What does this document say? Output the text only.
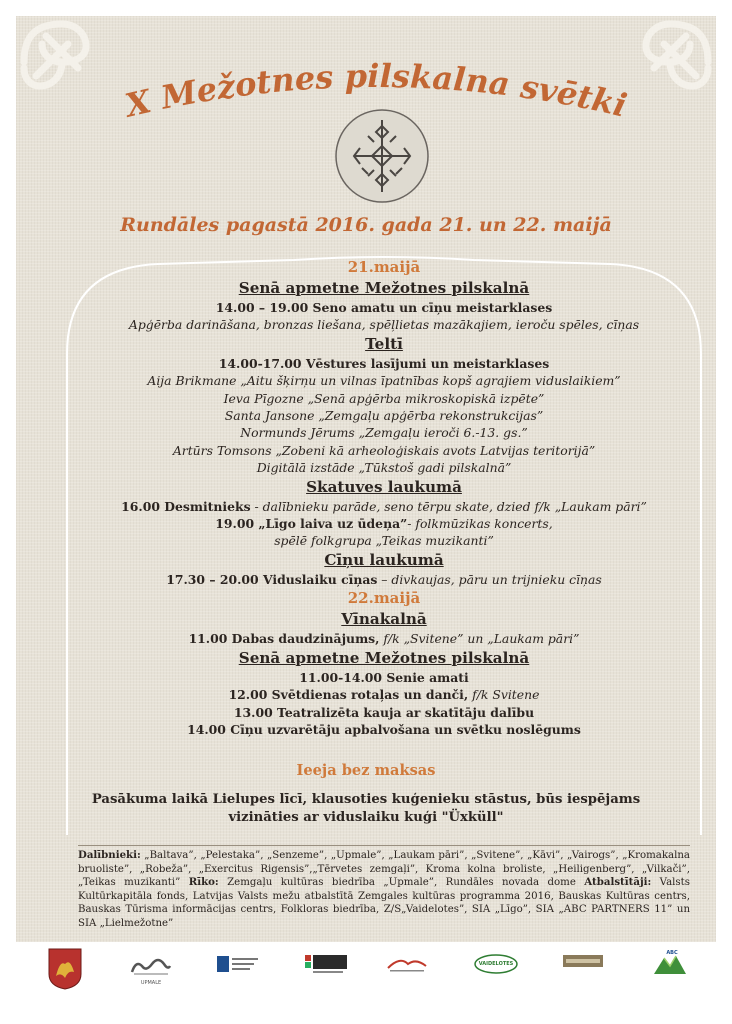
X Mežotnes pilskalna svētki
Rundāles pagastā 2016. gada 21. un 22. maijā
21.maijā
Senā apmetne Mežotnes pilskalnā
14.00 – 19.00 Seno amatu un cīņu meistarklases
Apģērba darināšana, bronzas liešana, spēļlietas mazākajiem, ieroču spēles, cīņas
Teltī
14.00-17.00 Vēstures lasījumi un meistarklases
Aija Brikmane „Aitu šķirņu un vilnas īpatnības kopš agrajiem viduslaikiem”
Ieva Pīgozne „Senā apģērba mikroskopiskā izpēte”
Santa Jansone „Zemgaļu apģērba rekonstrukcijas”
Normunds Jērums „Zemgaļu ieroči 6.-13. gs.”
Artūrs Tomsons „Zobeni kā arheoloģiskais avots Latvijas teritorijā”
Digitālā izstāde „Tūkstoš gadi pilskalnā”
Skatuves laukumā
16.00 Desmitnieks - dalībnieku parāde, seno tērpu skate, dzied f/k „Laukam pāri”
19.00 „Līgo laiva uz ūdeņa”- folkmūzikas koncerts,
spēlē folkgrupa „Teikas muzikanti”
Cīņu laukumā
17.30 – 20.00 Viduslaiku cīņas – divkaujas, pāru un trijnieku cīņas
22.maijā
Vīnakalnā
11.00 Dabas daudzinājums, f/k „Svitene” un „Laukam pāri”
Senā apmetne Mežotnes pilskalnā
11.00-14.00 Senie amati
12.00 Svētdienas rotaļas un danči, f/k Svitene
13.00 Teatralizēta kauja ar skatītāju dalību
14.00 Cīņu uzvarētāju apbalvošana un svētku noslēgums
Ieeja bez maksas
Pasākuma laikā Lielupes līcī, klausoties kuģenieku stāstus, būs iespējams
vizināties ar viduslaiku kuģi "Üxküll"
Dalībnieki: „Baltava”, „Pelestaka”, „Senzeme”, „Upmale”, „Laukam pāri”, „Svitene”, „Kāvi”, „Vairogs”, „Kromakalna bruoliste”, „Robeža”, „Exercitus Rigensis”,„Tērvetes zemgaļi”, Kroma kolna broliste, „Heiligenberg”, „Vilkači”, „Teikas muzikanti” Rīko: Zemgaļu kultūras biedrība „Upmale”, Rundāles novada dome Atbalstītāji: Valsts Kultūrkapitāla fonds, Latvijas Valsts mežu atbalstītā Zemgales kultūras programma 2016, Bauskas Kultūras centrs, Bauskas Tūrisma informācijas centrs, Folkloras biedrība, Z/S„Vaidelotes”, SIA „Līgo”, SIA „ABC PARTNERS 11” un SIA „Lielmežotne”
UPMALE
VAIDELOTES
ABC
